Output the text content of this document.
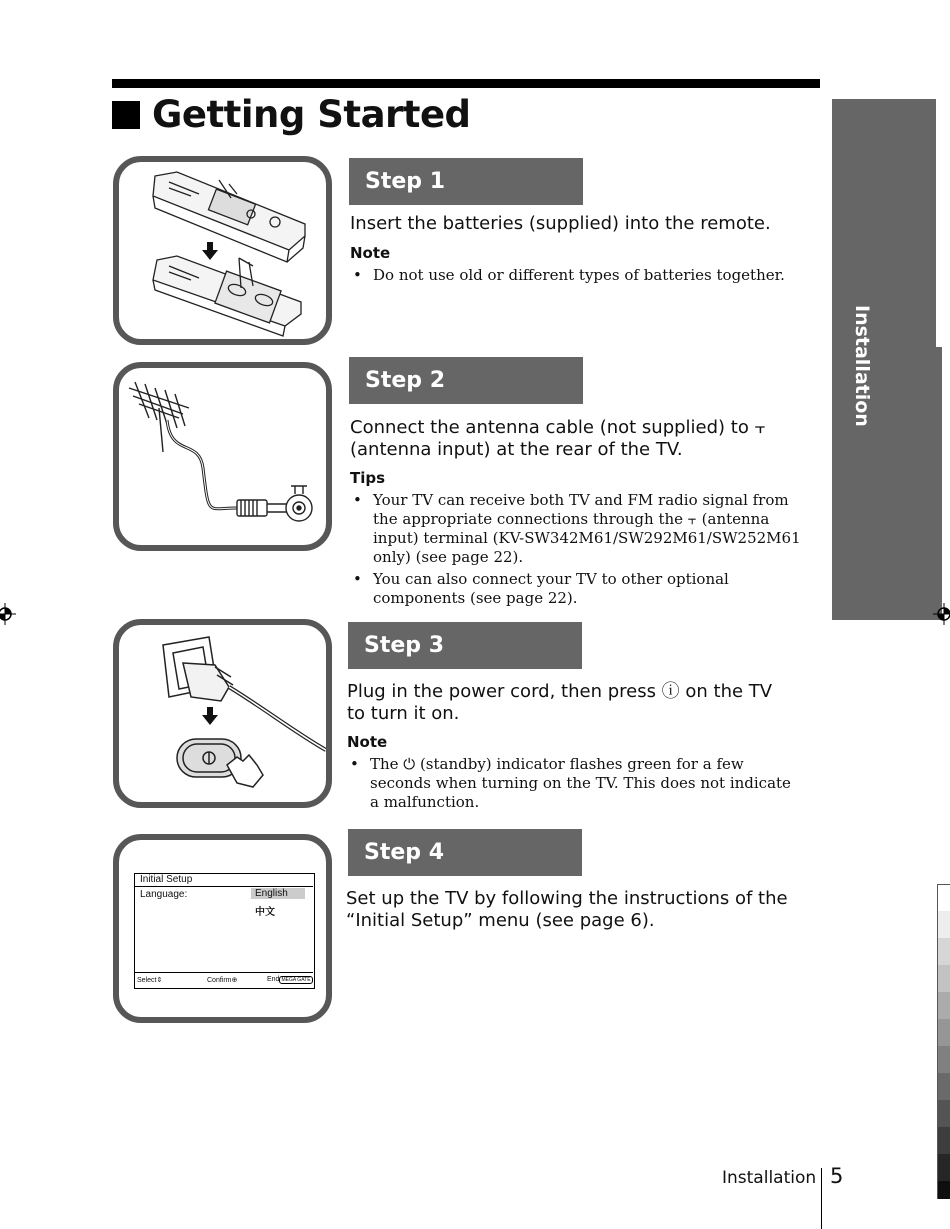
Getting Started
Installation
Step 1
Insert the batteries (supplied) into the remote.
Note
• Do not use old or different types of batteries together.
Step 2
Connect the antenna cable (not supplied) to ⫟ (antenna input) at the rear of the TV.
Tips
• Your TV can receive both TV and FM radio signal from the appropriate connections through the ⫟ (antenna input) terminal (KV-SW342M61/SW292M61/SW252M61 only) (see page 22).
• You can also connect your TV to other optional components (see page 22).
Step 3
Plug in the power cord, then press ⓘ on the TV to turn it on.
Note
• The ⏻ (standby) indicator flashes green for a few seconds when turning on the TV. This does not indicate a malfunction.
Initial Setup
Language:	English
中文
Select⇕	Confirm⊕	End MEGA GATE
Step 4
Set up the TV by following the instructions of the “Initial Setup” menu (see page 6).
Installation 5
